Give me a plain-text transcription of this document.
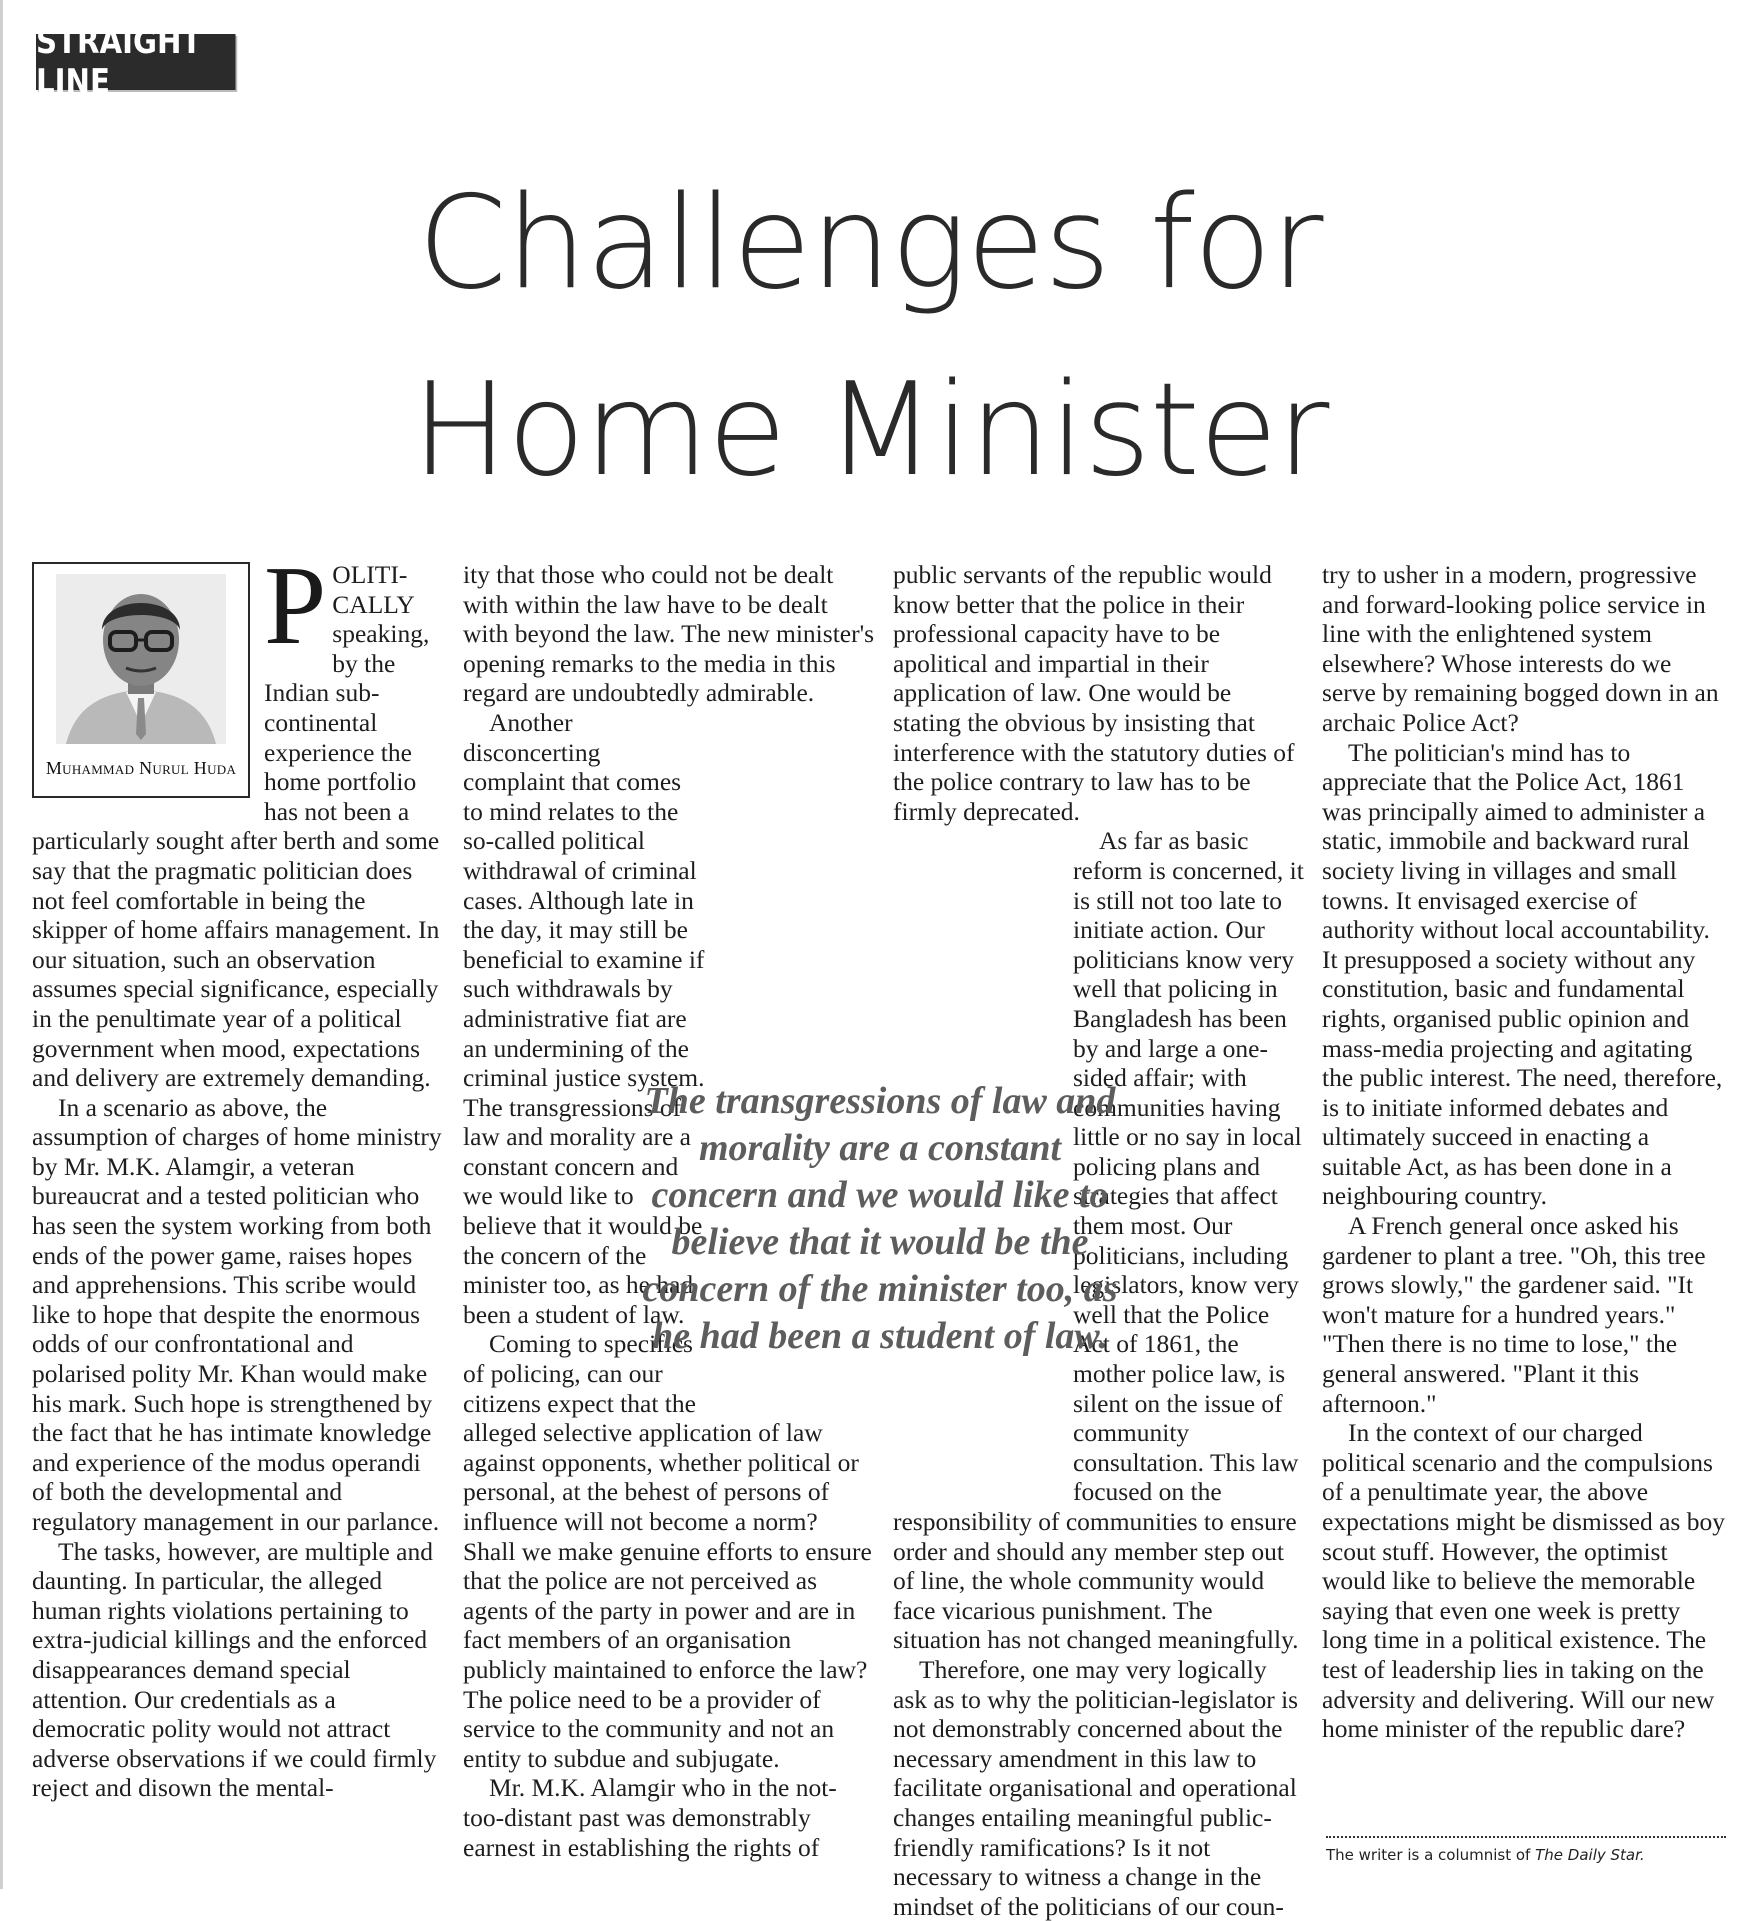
STRAIGHT LINE
Challenges for
Home Minister
Muhammad Nurul Huda

POLITI- CALLY speaking, by the Indian sub-continental experience the home portfolio has not been a particularly sought after berth and some say that the pragmatic politician does not feel comfortable in being the skipper of home affairs management. In our situation, such an observation assumes special significance, especially in the penultimate year of a political government when mood, expectations and delivery are extremely demanding.

In a scenario as above, the assumption of charges of home ministry by Mr. M.K. Alamgir, a veteran bureaucrat and a tested politician who has seen the system working from both ends of the power game, raises hopes and apprehensions. This scribe would like to hope that despite the enormous odds of our confrontational and polarised polity Mr. Khan would make his mark. Such hope is strengthened by the fact that he has intimate knowledge and experience of the modus operandi of both the developmental and regulatory management in our parlance.

The tasks, however, are multiple and daunting. In particular, the alleged human rights violations pertaining to extra-judicial killings and the enforced disappearances demand special attention. Our credentials as a democratic polity would not attract adverse observations if we could firmly reject and disown the mental-

ity that those who could not be dealt with within the law have to be dealt with beyond the law. The new minister's opening remarks to the media in this regard are undoubtedly admirable.

Another disconcerting complaint that comes to mind relates to the so-called political withdrawal of criminal cases. Although late in the day, it may still be beneficial to examine if such withdrawals by administrative fiat are an undermining of the criminal justice system. The transgressions of law and morality are a constant concern and we would like to believe that it would be the concern of the minister too, as he had been a student of law.

Coming to specifics of policing, can our citizens expect that the alleged selective application of law against opponents, whether political or personal, at the behest of persons of influence will not become a norm? Shall we make genuine efforts to ensure that the police are not perceived as agents of the party in power and are in fact members of an organisation publicly maintained to enforce the law? The police need to be a provider of service to the community and not an entity to subdue and subjugate.

Mr. M.K. Alamgir who in the not-too-distant past was demonstrably earnest in establishing the rights of

public servants of the republic would know better that the police in their professional capacity have to be apolitical and impartial in their application of law. One would be stating the obvious by insisting that interference with the statutory duties of the police contrary to law has to be firmly deprecated.

As far as basic reform is concerned, it is still not too late to initiate action. Our politicians know very well that policing in Bangladesh has been by and large a one-sided affair; with communities having little or no say in local policing plans and strategies that affect them most. Our politicians, including legislators, know very well that the Police Act of 1861, the mother police law, is silent on the issue of community consultation. This law focused on the responsibility of communities to ensure order and should any member step out of line, the whole community would face vicarious punishment. The situation has not changed meaningfully.

Therefore, one may very logically ask as to why the politician-legislator is not demonstrably concerned about the necessary amendment in this law to facilitate organisational and operational changes entailing meaningful public-friendly ramifications? Is it not necessary to witness a change in the mindset of the politicians of our coun-

try to usher in a modern, progressive and forward-looking police service in line with the enlightened system elsewhere? Whose interests do we serve by remaining bogged down in an archaic Police Act?

The politician's mind has to appreciate that the Police Act, 1861 was principally aimed to administer a static, immobile and backward rural society living in villages and small towns. It envisaged exercise of authority without local accountability. It presupposed a society without any constitution, basic and fundamental rights, organised public opinion and mass-media projecting and agitating the public interest. The need, therefore, is to initiate informed debates and ultimately succeed in enacting a suitable Act, as has been done in a neighbouring country.

A French general once asked his gardener to plant a tree. "Oh, this tree grows slowly," the gardener said. "It won't mature for a hundred years." "Then there is no time to lose," the general answered. "Plant it this afternoon."

In the context of our charged political scenario and the compulsions of a penultimate year, the above expectations might be dismissed as boy scout stuff. However, the optimist would like to believe the memorable saying that even one week is pretty long time in a political existence. The test of leadership lies in taking on the adversity and delivering. Will our new home minister of the republic dare?

The transgressions of law and morality are a constant concern and we would like to believe that it would be the concern of the minister too, as he had been a student of law.
The writer is a columnist of The Daily Star.
